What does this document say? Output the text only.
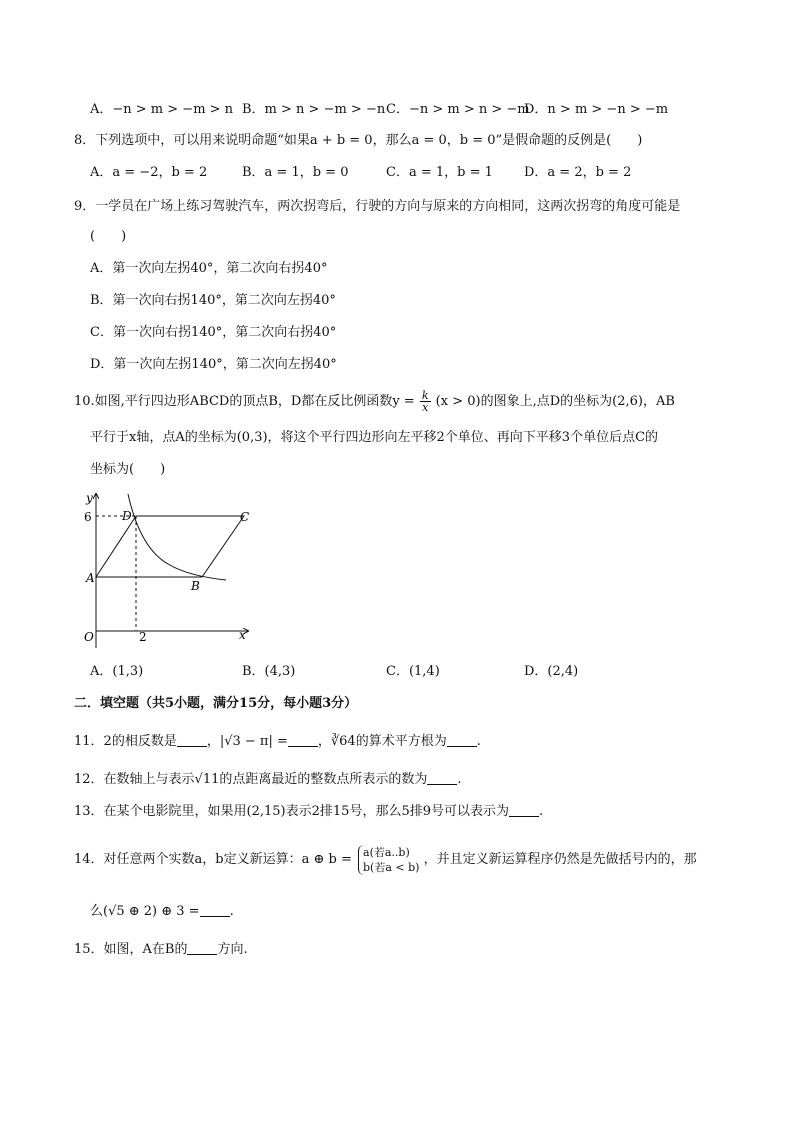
A．−n > m > −m > n B．m > n > −m > −n C．−n > m > n > −m
D．n > m > −n > −m
8．下列选项中，可以用来说明命题“如果a + b = 0，那么a = 0，b = 0”是假命题的反例是(　　)
A．a = −2，b = 2	B．a = 1，b = 0	C．a = 1，b = 1 D．a = 2，b = 2
9．一学员在广场上练习驾驶汽车，两次拐弯后，行驶的方向与原来的方向相同，这两次拐弯的角度可能是
(　　)
A．第一次向左拐40°，第二次向右拐40°
B．第一次向右拐140°，第二次向左拐40°
C．第一次向右拐140°，第二次向右拐40°
D．第一次向左拐140°，第二次向左拐40°
10.如图,平行四边形ABCD的顶点B，D都在反比例函数$y = \frac{k}{x} (x > 0)$的图象上,点D的坐标为(2,6)，AB
平行于x轴，点A的坐标为(0,3)，将这个平行四边形向左平移2个单位、再向下平移3个单位后点C的
坐标为(　　)
y
x
O
6
2
A
B
C
D
A．(1,3)	B．(4,3)	C．(1,4)	D．(2,4)
二．填空题（共5小题，满分15分，每小题3分）
11．2的相反数是 ，|√3 − π| = ，∛64的算术平方根为 .
12．在数轴上与表示√11的点距离最近的整数点所表示的数为 .
13．在某个电影院里，如果用(2,15)表示2排15号，那么5排9号可以表示为 .
14．对任意两个实数a，b定义新运算：a ⊕ b = a(若a..b)
b(若a < b) ，并且定义新运算程序仍然是先做括号内的，那
么(√5 ⊕ 2) ⊕ 3 = .
15．如图，A在B的 方向.
